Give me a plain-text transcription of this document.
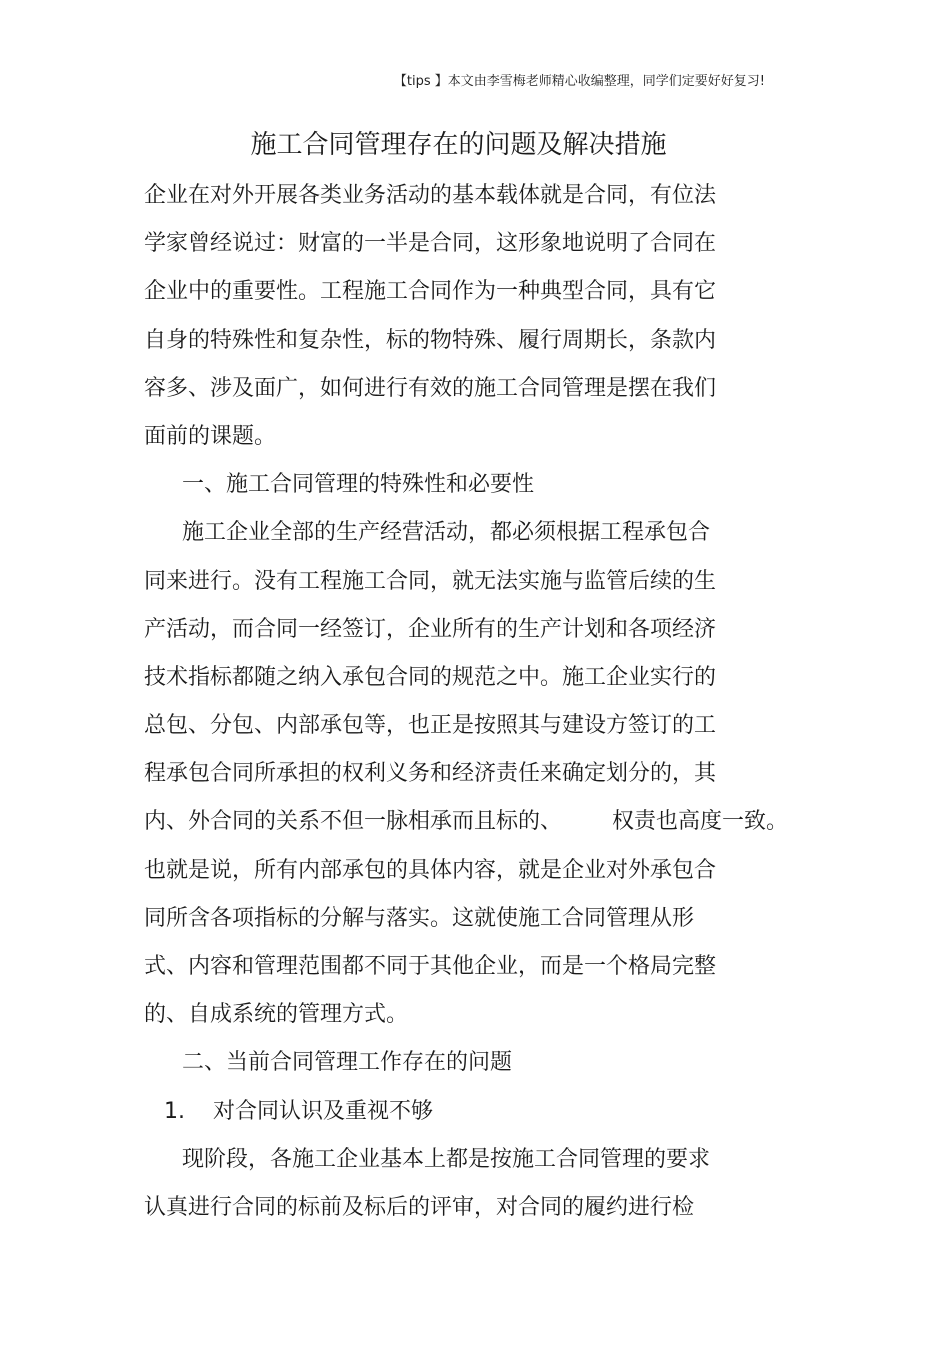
【tips 】本文由李雪梅老师精心收编整理，同学们定要好好复习!
施工合同管理存在的问题及解决措施
企业在对外开展各类业务活动的基本载体就是合同，有位法
学家曾经说过：财富的一半是合同，这形象地说明了合同在
企业中的重要性。工程施工合同作为一种典型合同，具有它
自身的特殊性和复杂性，标的物特殊、履行周期长，条款内
容多、涉及面广，如何进行有效的施工合同管理是摆在我们
面前的课题。
一、施工合同管理的特殊性和必要性
施工企业全部的生产经营活动，都必须根据工程承包合
同来进行。没有工程施工合同，就无法实施与监管后续的生
产活动，而合同一经签订，企业所有的生产计划和各项经济
技术指标都随之纳入承包合同的规范之中。施工企业实行的
总包、分包、内部承包等，也正是按照其与建设方签订的工
程承包合同所承担的权利义务和经济责任来确定划分的，其
内、外合同的关系不但一脉相承而且标的、 权责也高度一致。
也就是说，所有内部承包的具体内容，就是企业对外承包合
同所含各项指标的分解与落实。这就使施工合同管理从形
式、内容和管理范围都不同于其他企业，而是一个格局完整
的、自成系统的管理方式。
二、当前合同管理工作存在的问题
1. 对合同认识及重视不够
现阶段，各施工企业基本上都是按施工合同管理的要求
认真进行合同的标前及标后的评审，对合同的履约进行检
